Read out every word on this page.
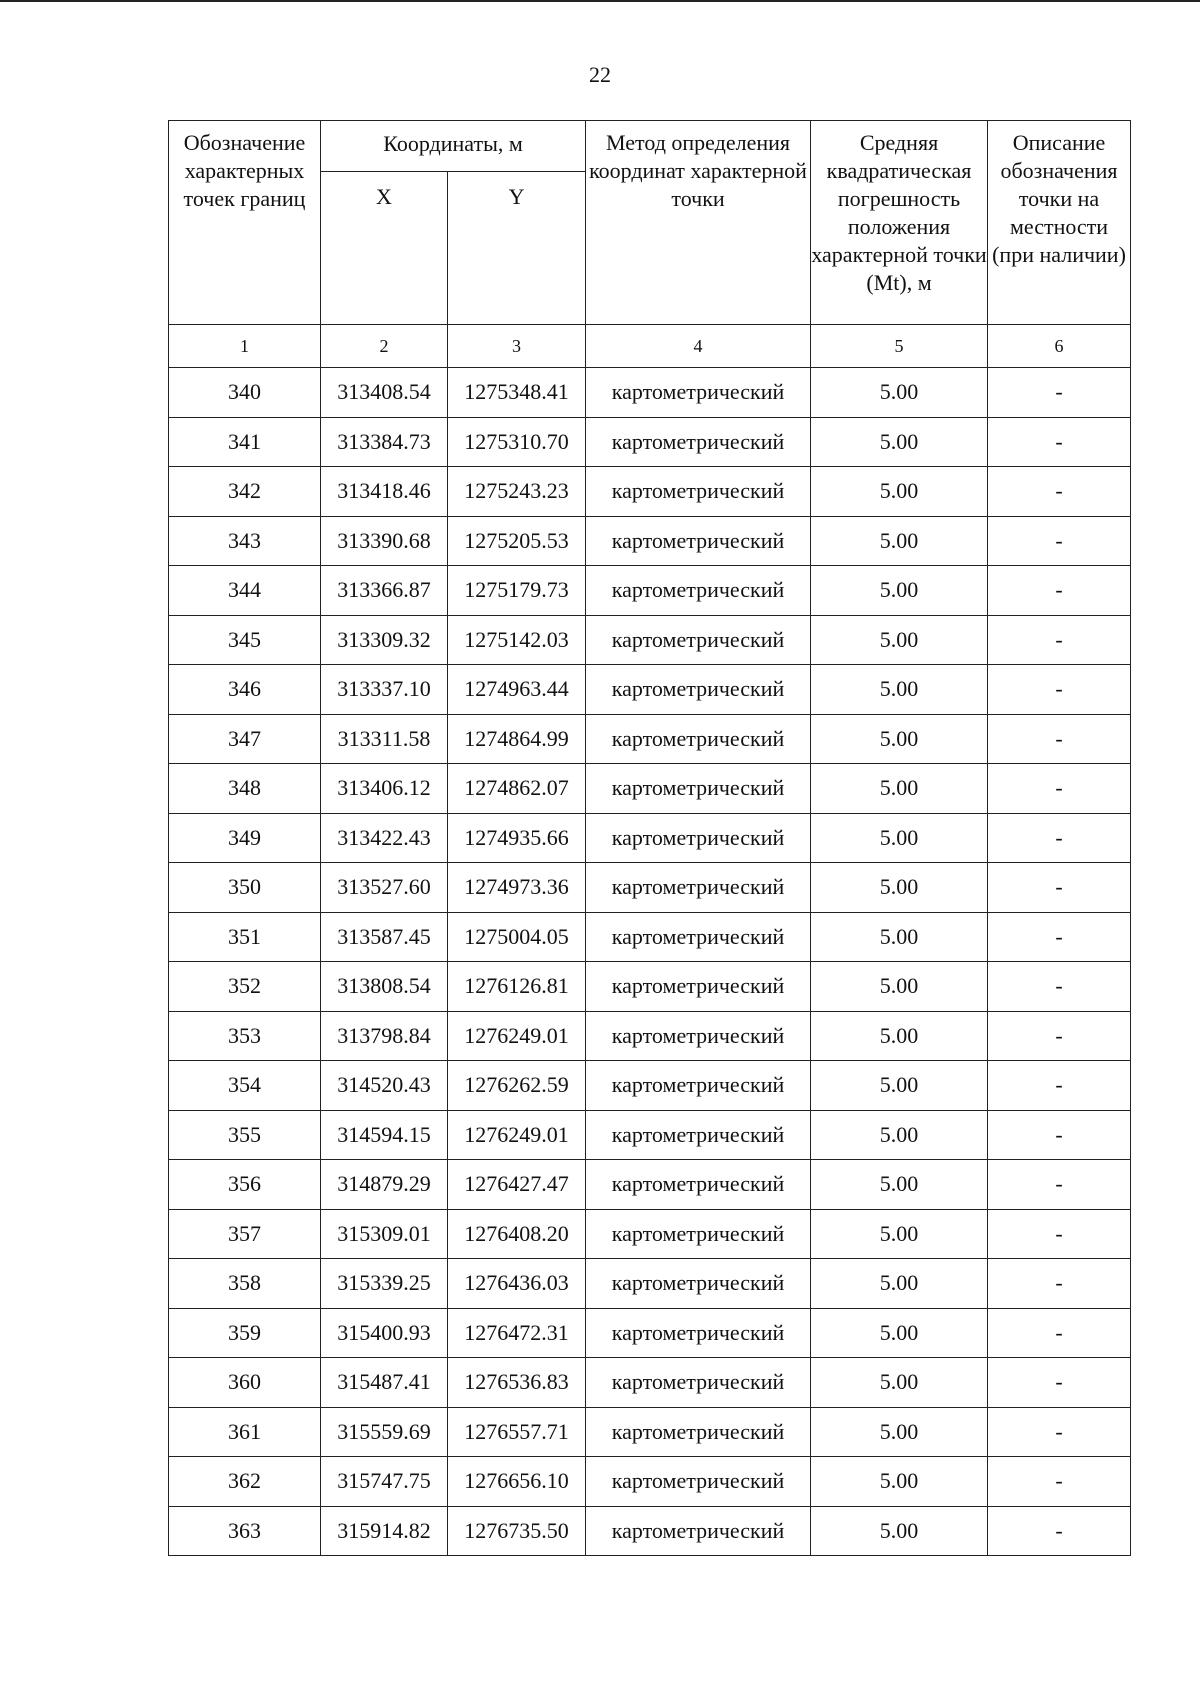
22
Обозначение характерных точек границ	Координаты, м		Метод определения координат характерной точки	Средняя квадратическая погрешность положения характерной точки (Mt), м	Описание обозначения точки на местности (при наличии)
	X	Y			
1	2	3	4	5	6
340	313408.54	1275348.41	картометрический	5.00	-
341	313384.73	1275310.70	картометрический	5.00	-
342	313418.46	1275243.23	картометрический	5.00	-
343	313390.68	1275205.53	картометрический	5.00	-
344	313366.87	1275179.73	картометрический	5.00	-
345	313309.32	1275142.03	картометрический	5.00	-
346	313337.10	1274963.44	картометрический	5.00	-
347	313311.58	1274864.99	картометрический	5.00	-
348	313406.12	1274862.07	картометрический	5.00	-
349	313422.43	1274935.66	картометрический	5.00	-
350	313527.60	1274973.36	картометрический	5.00	-
351	313587.45	1275004.05	картометрический	5.00	-
352	313808.54	1276126.81	картометрический	5.00	-
353	313798.84	1276249.01	картометрический	5.00	-
354	314520.43	1276262.59	картометрический	5.00	-
355	314594.15	1276249.01	картометрический	5.00	-
356	314879.29	1276427.47	картометрический	5.00	-
357	315309.01	1276408.20	картометрический	5.00	-
358	315339.25	1276436.03	картометрический	5.00	-
359	315400.93	1276472.31	картометрический	5.00	-
360	315487.41	1276536.83	картометрический	5.00	-
361	315559.69	1276557.71	картометрический	5.00	-
362	315747.75	1276656.10	картометрический	5.00	-
363	315914.82	1276735.50	картометрический	5.00	-
